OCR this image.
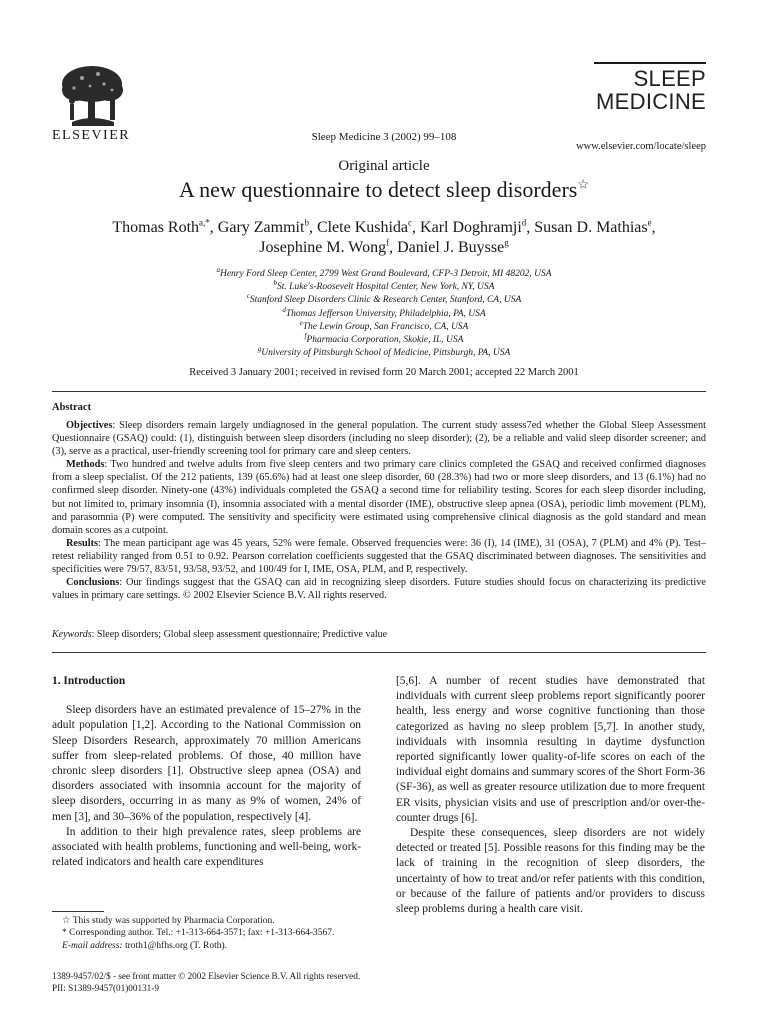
ELSEVIER	Sleep Medicine 3 (2002) 99–108
SLEEP
MEDICINE
www.elsevier.com/locate/sleep
Original article
A new questionnaire to detect sleep disorders☆
Thomas Roth$^{a,*}$, Gary Zammit$^b$, Clete Kushida$^c$, Karl Doghramji$^d$, Susan D. Mathias$^e$,
Josephine M. Wong$^f$, Daniel J. Buysse$^g$
$^a$Henry Ford Sleep Center, 2799 West Grand Boulevard, CFP-3 Detroit, MI 48202, USA
$^b$St. Luke's-Roosevelt Hospital Center, New York, NY, USA
$^c$Stanford Sleep Disorders Clinic & Research Center, Stanford, CA, USA
$^d$Thomas Jefferson University, Philadelphia, PA, USA
$^e$The Lewin Group, San Francisco, CA, USA
$^f$Pharmacia Corporation, Skokie, IL, USA
$^g$University of Pittsburgh School of Medicine, Pittsburgh, PA, USA
Received 3 January 2001; received in revised form 20 March 2001; accepted 22 March 2001
Abstract

Objectives: Sleep disorders remain largely undiagnosed in the general population. The current study assess7ed whether the Global Sleep Assessment Questionnaire (GSAQ) could: (1), distinguish between sleep disorders (including no sleep disorder); (2), be a reliable and valid sleep disorder screener; and (3), serve as a practical, user-friendly screening tool for primary care and sleep centers.

Methods: Two hundred and twelve adults from five sleep centers and two primary care clinics completed the GSAQ and received confirmed diagnoses from a sleep specialist. Of the 212 patients, 139 (65.6%) had at least one sleep disorder, 60 (28.3%) had two or more sleep disorders, and 13 (6.1%) had no confirmed sleep disorder. Ninety-one (43%) individuals completed the GSAQ a second time for reliability testing. Scores for each sleep disorder including, but not limited to, primary insomnia (I), insomnia associated with a mental disorder (IME), obstructive sleep apnea (OSA), periodic limb movement (PLM), and parasomnia (P) were computed. The sensitivity and specificity were estimated using comprehensive clinical diagnosis as the gold standard and mean domain scores as a cutpoint.

Results: The mean participant age was 45 years, 52% were female. Observed frequencies were: 36 (I), 14 (IME), 31 (OSA), 7 (PLM) and 4% (P). Test–retest reliability ranged from 0.51 to 0.92. Pearson correlation coefficients suggested that the GSAQ discriminated between diagnoses. The sensitivities and specificities were 79/57, 83/51, 93/58, 93/52, and 100/49 for I, IME, OSA, PLM, and P, respectively.

Conclusions: Our findings suggest that the GSAQ can aid in recognizing sleep disorders. Future studies should focus on characterizing its predictive values in primary care settings. © 2002 Elsevier Science B.V. All rights reserved.

Keywords: Sleep disorders; Global sleep assessment questionnaire; Predictive value

1. Introduction

Sleep disorders have an estimated prevalence of 15–27% in the adult population [1,2]. According to the National Commission on Sleep Disorders Research, approximately 70 million Americans suffer from sleep-related problems. Of those, 40 million have chronic sleep disorders [1]. Obstructive sleep apnea (OSA) and disorders associated with insomnia account for the majority of sleep disorders, occurring in as many as 9% of women, 24% of men [3], and 30–36% of the population, respectively [4].

In addition to their high prevalence rates, sleep problems are associated with health problems, functioning and well-being, work-related indicators and health care expenditures

[5,6]. A number of recent studies have demonstrated that individuals with current sleep problems report significantly poorer health, less energy and worse cognitive functioning than those categorized as having no sleep problem [5,7]. In another study, individuals with insomnia resulting in daytime dysfunction reported significantly lower quality-of-life scores on each of the individual eight domains and summary scores of the Short Form-36 (SF-36), as well as greater resource utilization due to more frequent ER visits, physician visits and use of prescription and/or over-the-counter drugs [6].

Despite these consequences, sleep disorders are not widely detected or treated [5]. Possible reasons for this finding may be the lack of training in the recognition of sleep disorders, the uncertainty of how to treat and/or refer patients with this condition, or because of the failure of patients and/or providers to discuss sleep problems during a health care visit.

☆ This study was supported by Pharmacia Corporation.
* Corresponding author. Tel.: +1-313-664-3571; fax: +1-313-664-3567.
E-mail address: troth1@hfhs.org (T. Roth).
1389-9457/02/$ - see front matter © 2002 Elsevier Science B.V. All rights reserved.
PII: S1389-9457(01)00131-9
